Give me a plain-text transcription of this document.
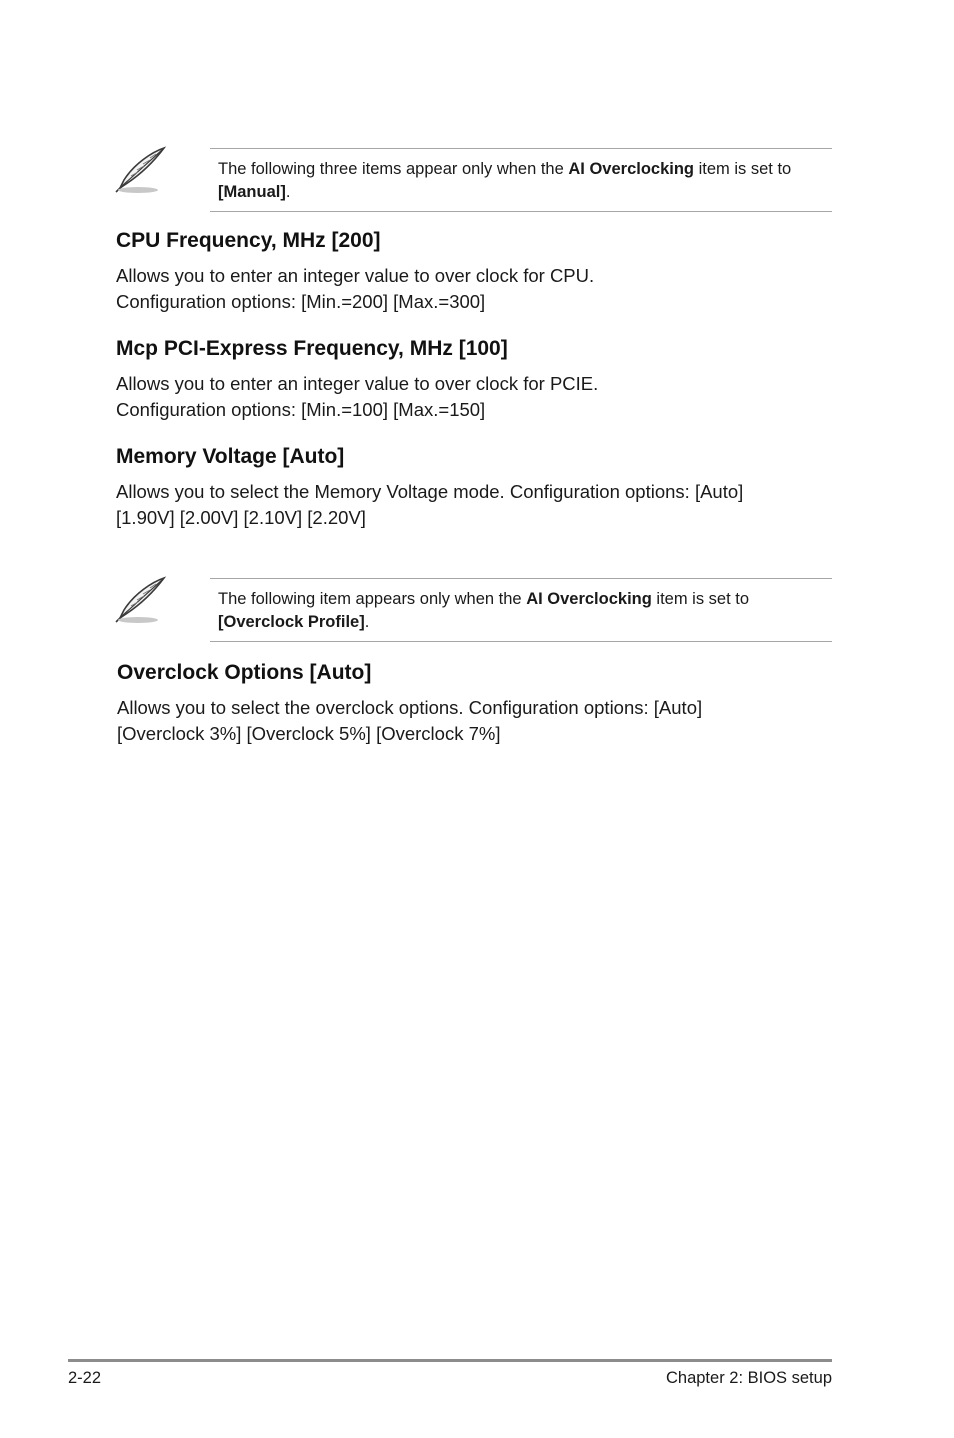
The following three items appear only when the AI Overclocking item is set to
[Manual].
CPU Frequency, MHz [200]

Allows you to enter an integer value to over clock for CPU.
Configuration options: [Min.=200] [Max.=300]

Mcp PCI-Express Frequency, MHz [100]

Allows you to enter an integer value to over clock for PCIE.
Configuration options: [Min.=100] [Max.=150]

Memory Voltage [Auto]

Allows you to select the Memory Voltage mode. Configuration options: [Auto]
[1.90V] [2.00V] [2.10V] [2.20V]

The following item appears only when the AI Overclocking item is set to
[Overclock Profile].
Overclock Options [Auto]

Allows you to select the overclock options. Configuration options: [Auto]
[Overclock 3%] [Overclock 5%] [Overclock 7%]

2-22	Chapter 2: BIOS setup
